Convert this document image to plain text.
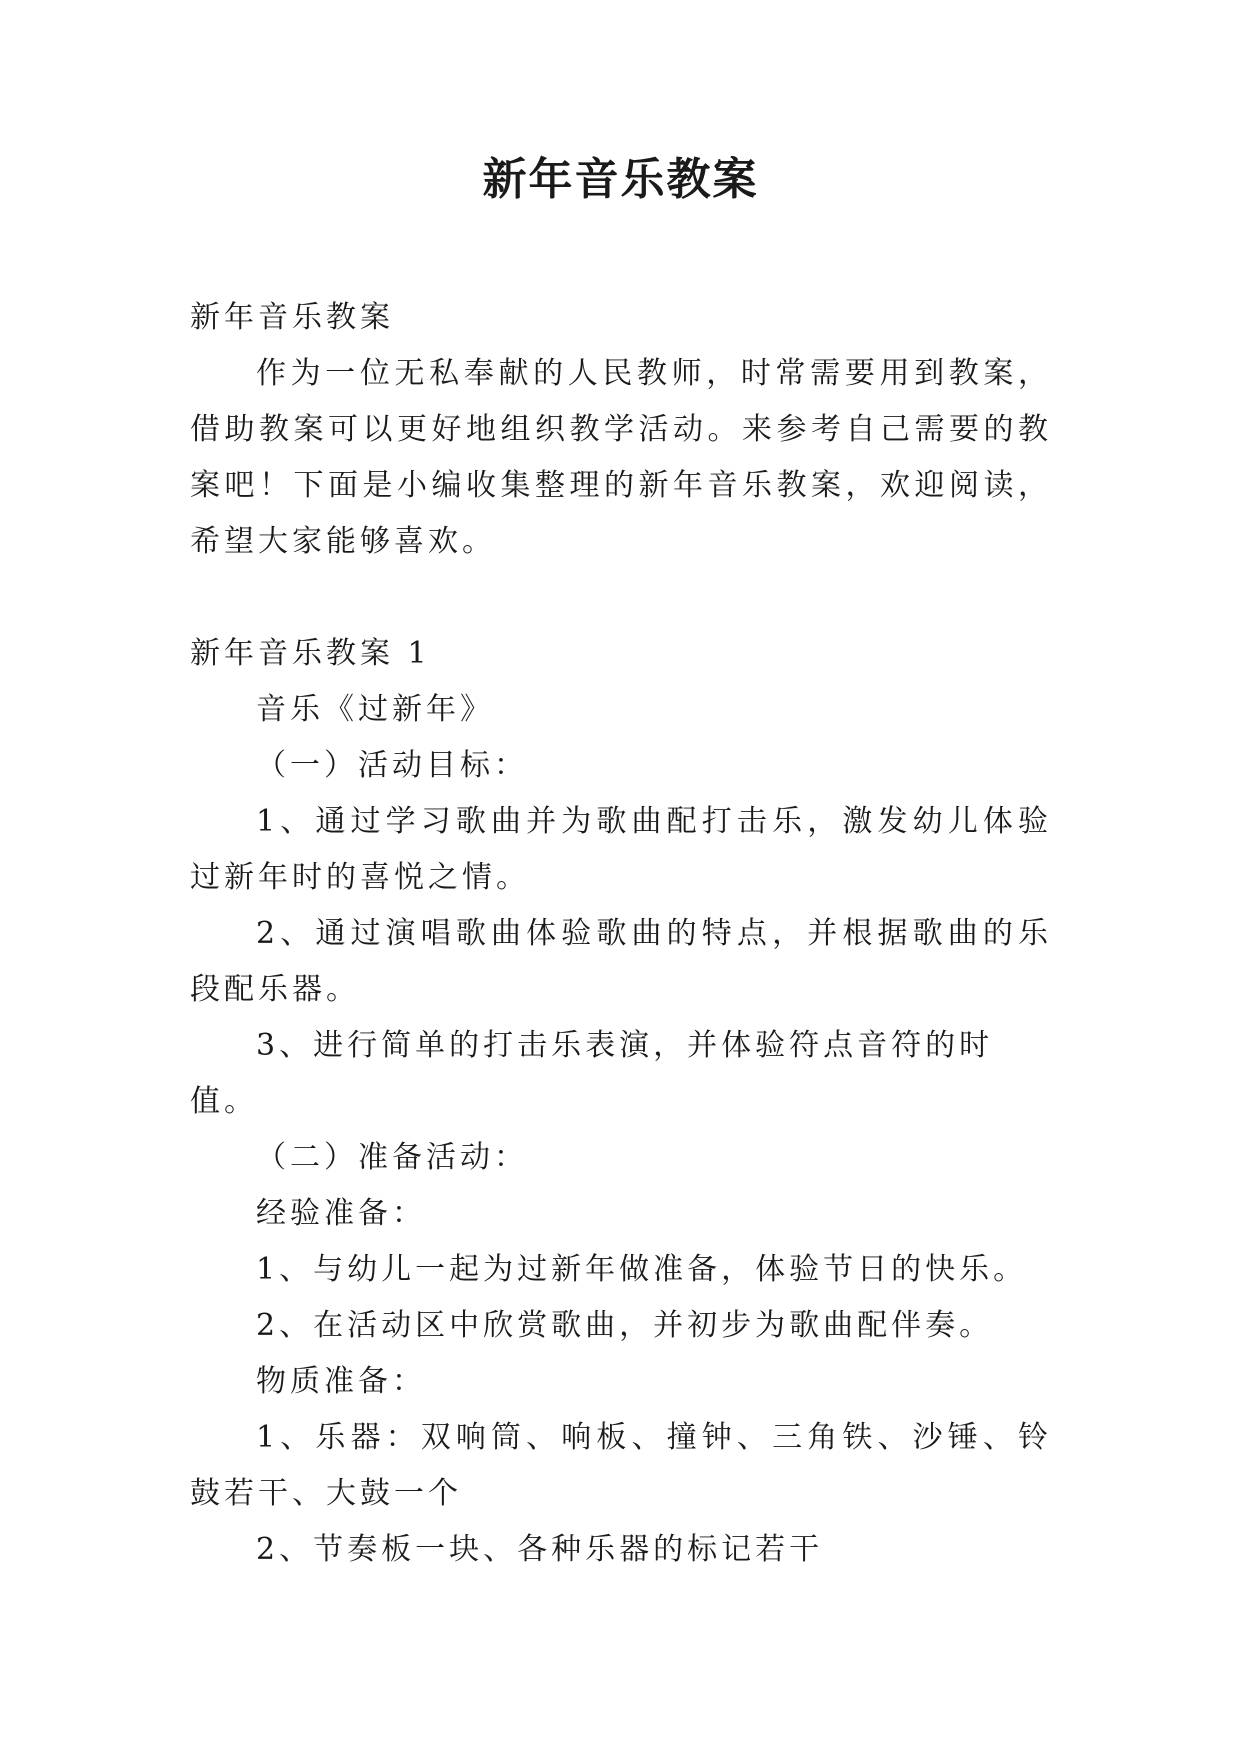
新年音乐教案

新年音乐教案

作为一位无私奉献的人民教师，时常需要用到教案，借助教案可以更好地组织教学活动。来参考自己需要的教案吧！下面是小编收集整理的新年音乐教案，欢迎阅读，希望大家能够喜欢。

新年音乐教案 1

音乐《过新年》

（一）活动目标：

1、通过学习歌曲并为歌曲配打击乐，激发幼儿体验过新年时的喜悦之情。

2、通过演唱歌曲体验歌曲的特点，并根据歌曲的乐段配乐器。

3、进行简单的打击乐表演，并体验符点音符的时值。

（二）准备活动：

经验准备：

1、与幼儿一起为过新年做准备，体验节日的快乐。

2、在活动区中欣赏歌曲，并初步为歌曲配伴奏。

物质准备：

1、乐器：双响筒、响板、撞钟、三角铁、沙锤、铃鼓若干、大鼓一个

2、节奏板一块、各种乐器的标记若干
